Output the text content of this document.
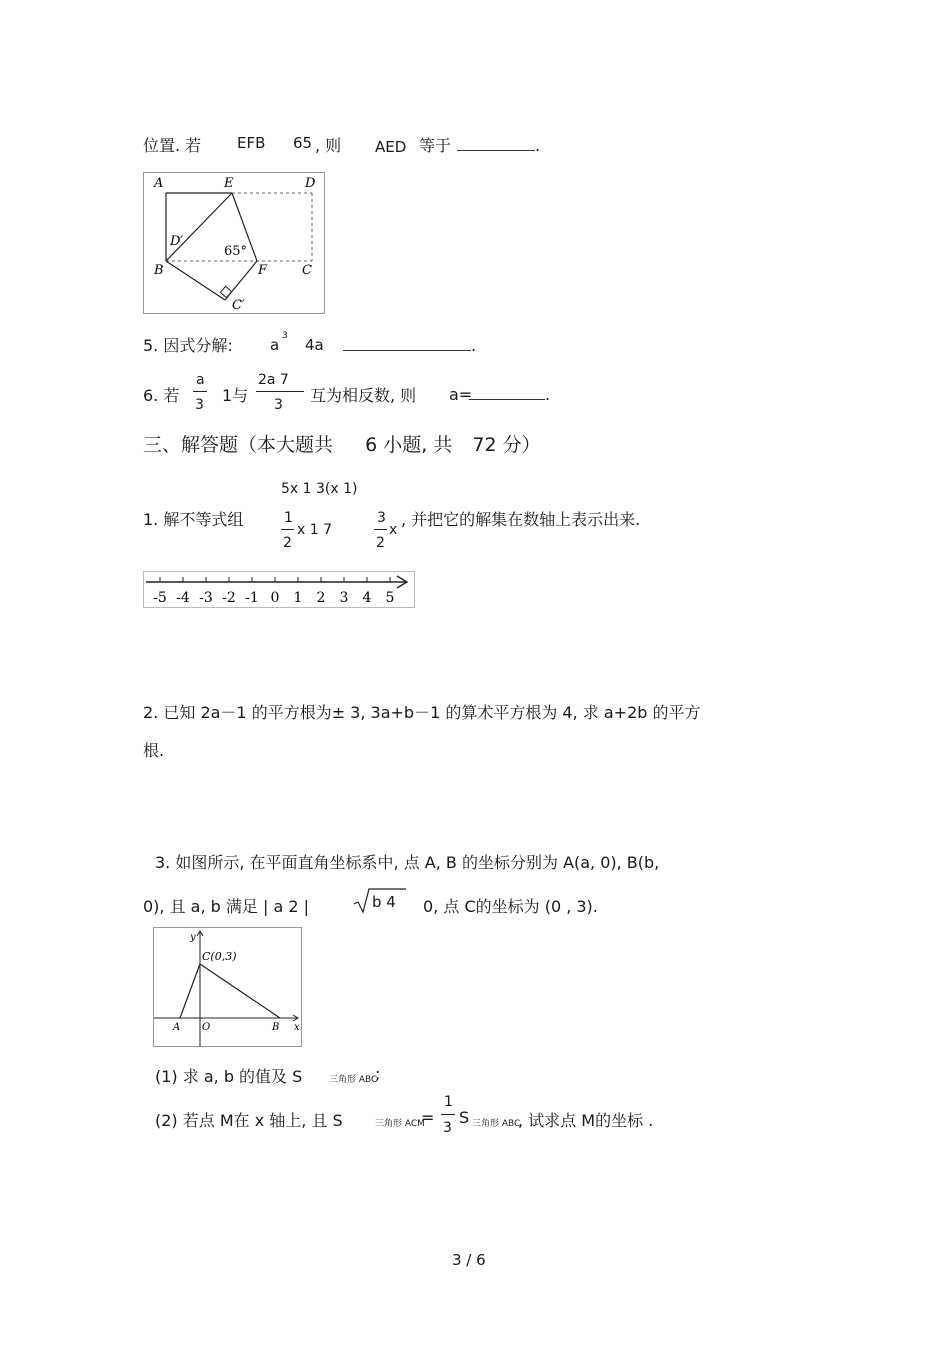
位置. 若 EFB 65 , 则 AED 等于	.
A	E	D
D′
65°
B	F	C
C′
5. 因式分解: a 3 4a	.
6. 若
a
3 1与
2a 7
3 互为相反数, 则 a=	.
三、解答题（本大题共 6 小题, 共 72 分）
1. 解不等式组
5x 1 3(x 1)
1
2
x 1 7
3
2
x
, 并把它的解集在数轴上表示出来.
-5 -4 -3 -2 -1 0 1 2 3 4 5
2. 已知 2a－1 的平方根为± 3, 3a+b－1 的算术平方根为 4, 求 a+2b 的平方
根.
3. 如图所示, 在平面直角坐标系中, 点 A, B 的坐标分别为 A(a, 0), B(b,
0), 且 a, b 满足 | a 2 |	b 4 0, 点 C的坐标为 (0 , 3).
y
C(0,3)
A O	B x
(1) 求 a, b 的值及 S	三角形 ABC
;
(2) 若点 M在 x 轴上, 且 S	三角形 ACM
=
1
3
S 三角形 ABC
, 试求点 M的坐标 .
3 / 6
